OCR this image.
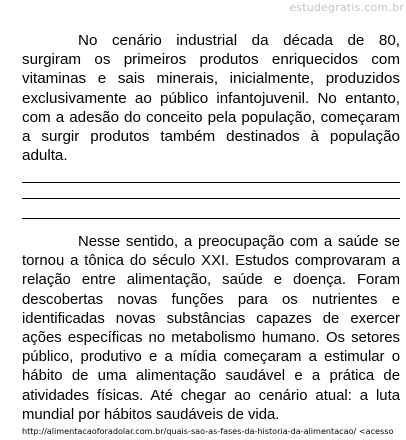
estudegratis.com.br

No cenário industrial da década de 80, surgiram os primeiros produtos enriquecidos com vitaminas e sais minerais, inicialmente, produzidos exclusivamente ao público infantojuvenil. No entanto, com a adesão do conceito pela população, começaram a surgir produtos também destinados à população adulta.

Nesse sentido, a preocupação com a saúde se tornou a tônica do século XXI. Estudos comprovaram a relação entre alimentação, saúde e doença. Foram descobertas novas funções para os nutrientes e identificadas novas substâncias capazes de exercer ações específicas no metabolismo humano. Os setores público, produtivo e a mídia começaram a estimular o hábito de uma alimentação saudável e a prática de atividades físicas. Até chegar ao cenário atual: a luta mundial por hábitos saudáveis de vida.

http://alimentacaoforadolar.com.br/quais-sao-as-fases-da-historia-da-alimentacao/ <acesso
